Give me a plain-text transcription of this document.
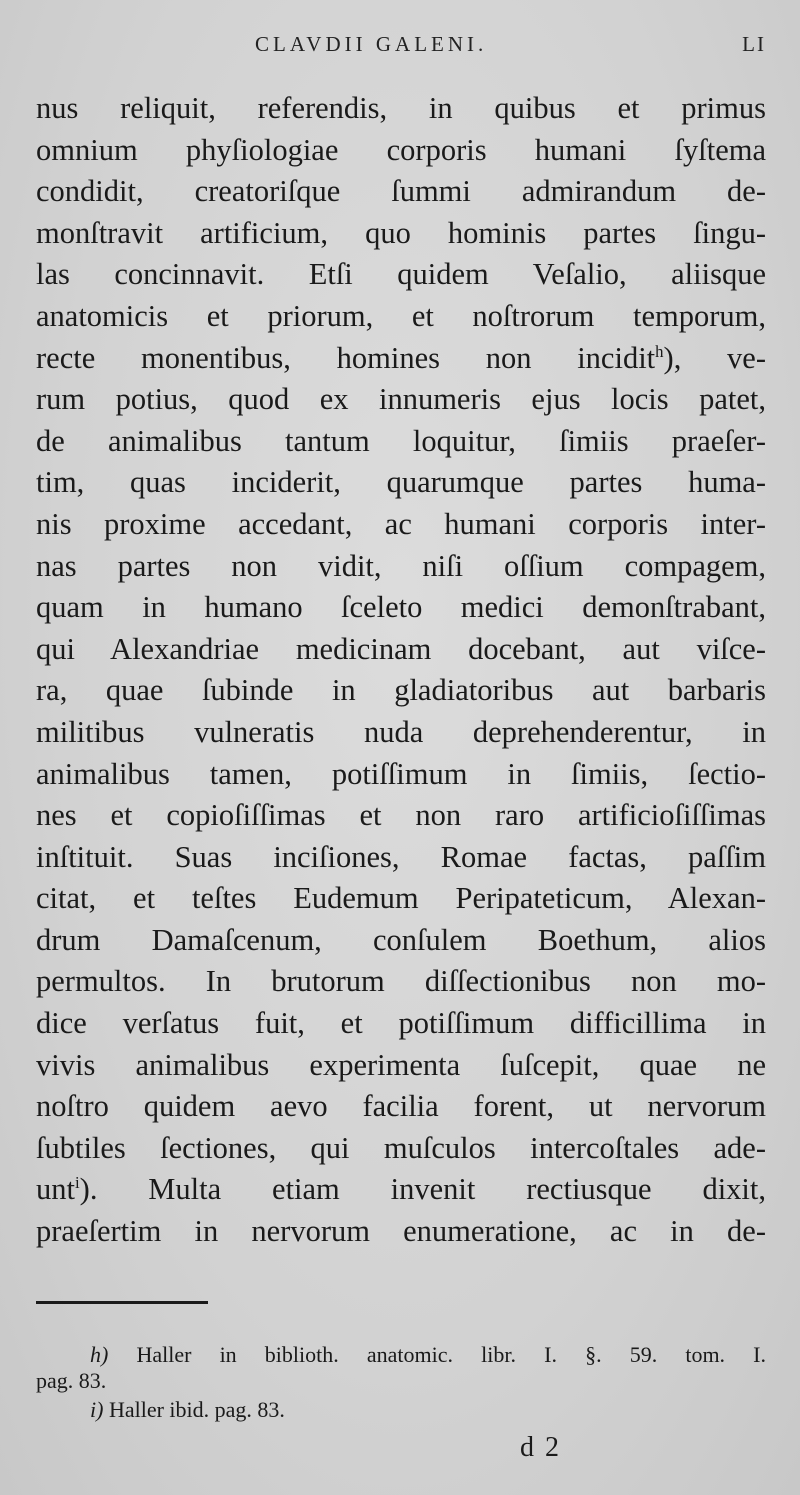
CLAVDII GALENI.	LI
nus reliquit, referendis, in quibus et primus
omnium phyſiologiae corporis humani ſyſtema
condidit, creatoriſque ſummi admirandum de-
monſtravit artificium, quo hominis partes ſingu-
las concinnavit. Etſi quidem Veſalio, aliisque
anatomicis et priorum, et noſtrorum temporum,
recte monentibus, homines non incidit$^h$), ve-
rum potius, quod ex innumeris ejus locis patet,
de animalibus tantum loquitur, ſimiis praeſer-
tim, quas inciderit, quarumque partes huma-
nis proxime accedant, ac humani corporis inter-
nas partes non vidit, niſi oſſium compagem,
quam in humano ſceleto medici demonſtrabant,
qui Alexandriae medicinam docebant, aut viſce-
ra, quae ſubinde in gladiatoribus aut barbaris
militibus vulneratis nuda deprehenderentur, in
animalibus tamen, potiſſimum in ſimiis, ſectio-
nes et copioſiſſimas et non raro artificioſiſſimas
inſtituit. Suas inciſiones, Romae factas, paſſim
citat, et teſtes Eudemum Peripateticum, Alexan-
drum Damaſcenum, conſulem Boethum, alios
permultos. In brutorum diſſectionibus non mo-
dice verſatus fuit, et potiſſimum difficillima in
vivis animalibus experimenta ſuſcepit, quae ne
noſtro quidem aevo facilia forent, ut nervorum
ſubtiles ſectiones, qui muſculos intercoſtales ade-
unt$^i$). Multa etiam invenit rectiusque dixit,
praeſertim in nervorum enumeratione, ac in de-
h) Haller in biblioth. anatomic. libr. I. §. 59. tom. I.
pag. 83.
i) Haller ibid. pag. 83.
d 2
